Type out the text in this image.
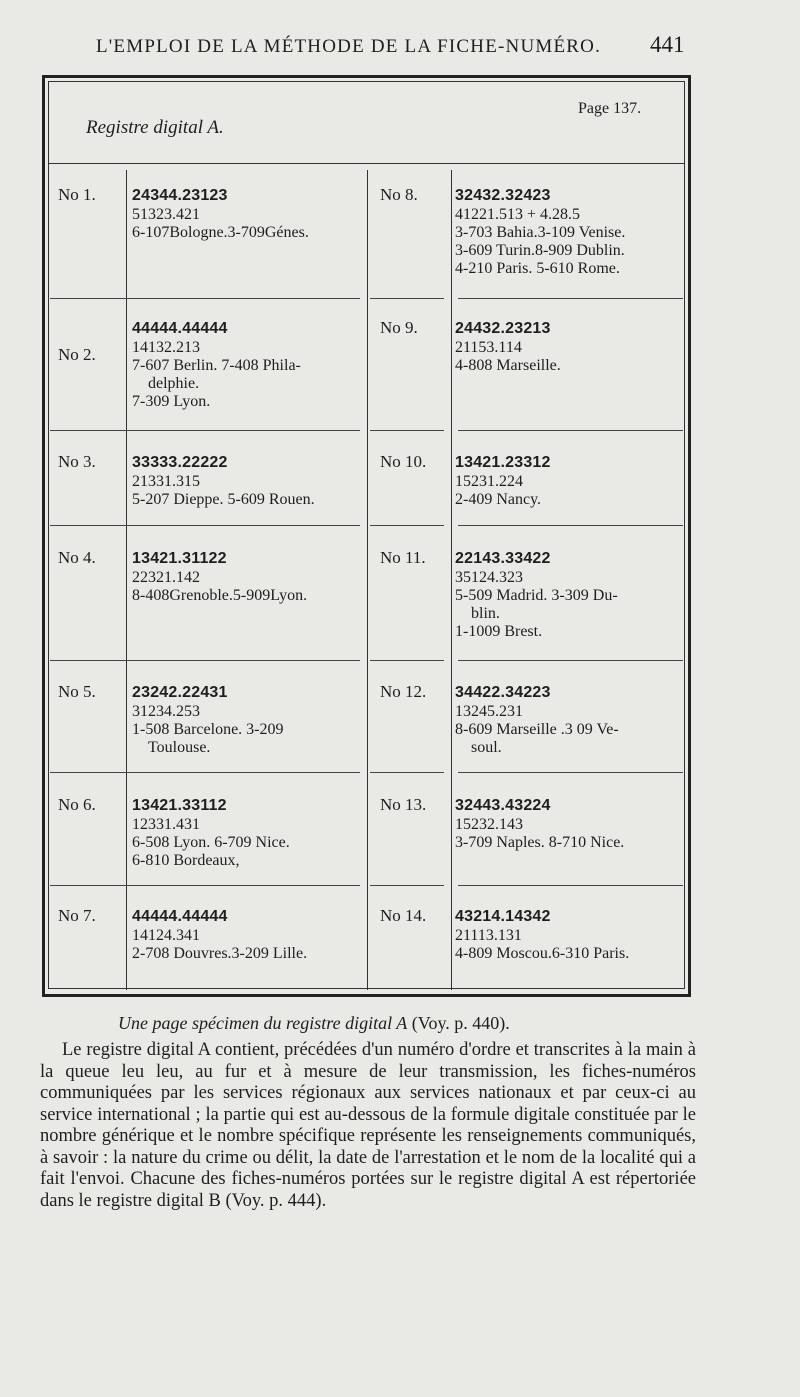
L'EMPLOI DE LA MÉTHODE DE LA FICHE-NUMÉRO. 441
Registre digital A.
Page 137.
No 1. 24344.23123
51323.421
6-107Bologne.3-709Génes.
No 2.
44444.44444
14132.213
7-607 Berlin. 7-408 Phila-
delphie.
7-309 Lyon.
No 3. 33333.22222
21331.315
5-207 Dieppe. 5-609 Rouen.
No 4. 13421.31122
22321.142
8-408Grenoble.5-909Lyon.
No 5. 23242.22431
31234.253
1-508 Barcelone. 3-209
Toulouse.
No 6. 13421.33112
12331.431
6-508 Lyon. 6-709 Nice.
6-810 Bordeaux,
No 7. 44444.44444
14124.341
2-708 Douvres.3-209 Lille.
No 8. 32432.32423
41221.513 + 4.28.5
3-703 Bahia.3-109 Venise.
3-609 Turin.8-909 Dublin.
4-210 Paris. 5-610 Rome.
No 9. 24432.23213
21153.114
4-808 Marseille.
No 10. 13421.23312
15231.224
2-409 Nancy.
No 11. 22143.33422
35124.323
5-509 Madrid. 3-309 Du-
blin.
1-1009 Brest.
No 12. 34422.34223
13245.231
8-609 Marseille .3 09 Ve-
soul.
No 13. 32443.43224
15232.143
3-709 Naples. 8-710 Nice.
No 14. 43214.14342
21113.131
4-809 Moscou.6-310 Paris.
Une page spécimen du registre digital A (Voy. p. 440).

Le registre digital A contient, précédées d'un numéro d'ordre et transcrites à la main à la queue leu leu, au fur et à mesure de leur transmission, les fiches-numéros communiquées par les services régionaux aux services nationaux et par ceux-ci au service international ; la partie qui est au-dessous de la formule digitale constituée par le nombre générique et le nombre spécifique représente les renseignements communiqués, à savoir : la nature du crime ou délit, la date de l'arrestation et le nom de la localité qui a fait l'envoi. Chacune des fiches-numéros portées sur le registre digital A est répertoriée dans le registre digital B (Voy. p. 444).
